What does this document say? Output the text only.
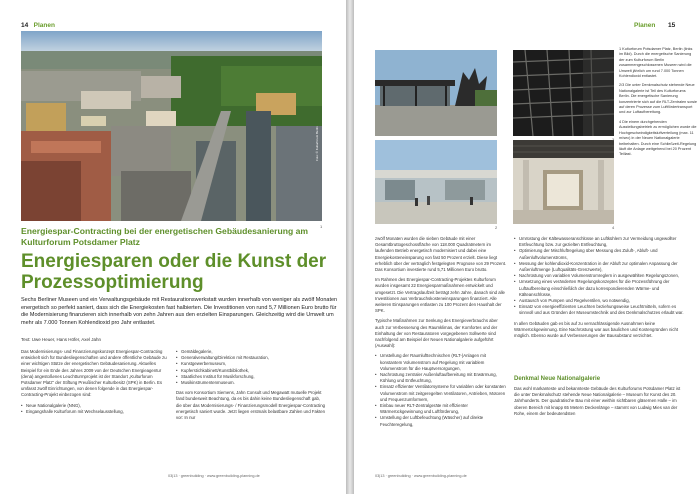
14 Planen
Foto: © Kulturforum Berlin
1
Energiespar-Contracting bei der energetischen Gebäudesanierung am Kulturforum Potsdamer Platz
Energiesparen oder die Kunst der Prozessoptimierung
Sechs Berliner Museen und ein Verwaltungsgebäude mit Restaurationswerkstatt wurden innerhalb von weniger als zwölf Monaten energetisch so perfekt saniert, dass sich die Energiekosten fast halbierten. Die Investitionen von rund 5,7 Millionen Euro brutto für die Modernisierung finanzieren sich innerhalb von zehn Jahren aus den erzielten Einsparungen. Gleichzeitig wird die Umwelt um mehr als 7.000 Tonnen Kohlendioxid pro Jahr entlastet.
Text: Uwe Heuer, Hans Höfer, Axel Jahn

Das Modernisierungs- und Finanzierungskonzept Energiespar-Contracting entwickelt sich für Bundesliegenschaften und andere öffentliche Gebäude zu einer wichtigen Stütze der energetischen Gebäudesanierung. Aktuelles Beispiel für ein Ende des Jahres 2009 von der Deutschen Energieagentur (dena) angestoßenes Leuchtturmprojekt ist der Standort „Kulturforum Potsdamer Platz" der Stiftung Preußischer Kulturbesitz (SPK) in Berlin. Es umfasst zwölf Einrichtungen, von denen folgende in das Energiespar-Contracting-Projekt einbezogen sind:

• Neue Nationalgalerie (NNG),
• Eingangshalle Kulturforum mit Wechselausstellung,
• Gemäldegalerie,
• Generalverwaltung/Direktion mit Restauration,
• Kunstgewerbemuseum,
• Kupferstichkabinett/Kunstbibliothek,
• Staatliches Institut für Musikforschung,
• Musikinstrumentenmuseum.

Das vom Konsortium Siemens, Jahn Consult und Megawatt mutuelle Projekt fand bundesweit Beachtung, da es bis dahin keine Bundesliegenschaft gab, die über das Modernisierungs- / Finanzierungsmodell Energiespar-Contracting energetisch saniert wurde. Jetzt liegen erstmals belastbare Zahlen und Fakten vor: In nur

03|13 · greenbuilding · www.greenbuilding-planning.de
Planen 15
2
3
4

1 Kulturforum Potsdamer Platz, Berlin (links im Bild). Durch die energetische Sanierung der zum Kulturforum Berlin zusammengeschlossenen Museen wird die Umwelt jährlich um rund 7.000 Tonnen Kohlendioxid entlastet.

2/3 Die unter Denkmalschutz stehende Neue Nationalgalerie ist Teil des Kulturforums Berlin. Die energetische Sanierung konzentrierte sich auf die RLT-Zentralen sowie auf deren Prozesse zum Luftfördertransport und zur Luftaufbereitung.

4 Die einem durchgehenden Ausstellungsbetrieb zu ermöglichen wurde die Hochgeschwindigkeitsluftverteilung (max. 11 m/sec) in der Neuen Nationalgalerie beibehalten. Durch eine Schließzeit-Regelung läuft die Anlage weitgehend bei 20 Prozent Teillast.

zwölf Monaten wurden die sieben Gebäude mit einer Gesamtbruttogeschossfläche von 118.000 Quadratmetern im laufenden Betrieb energetisch modernisiert und dabei eine Energiekosteneinsparung von fast 50 Prozent erzielt. Diese liegt erheblich über der vertraglich festgelegten Prognose von 29 Prozent. Das Konsortium investierte rund 5,71 Millionen Euro brutto.

Im Rahmen des Energiespar-Contracting-Projektes Kulturforum wurden insgesamt 22 Energiesparmaßnahmen entwickelt und umgesetzt. Die Vertragslaufzeit beträgt zehn Jahre, danach sind alle Investitionen aus Verbrauchskosteneinsparungen finanziert. Alle weiteren Einsparungen entlasten zu 100 Prozent den Haushalt der SPK.

Typische Maßnahmen zur Senkung des Energieverbrauchs aber auch zur Verbesserung des Raumklimas, der Komfortes und der Einhaltung der von Restauratoren vorgegebenen Sollwerte sind nachfolgend am Beispiel der Neuen Nationalgalerie aufgeführt (Auswahl):

• Umstellung der Raumlufttechnischen (RLT-)Anlagen mit konstantem Volumenstrom auf Regelung mit variablem Volumenstrom für die Hauptversorgungen,
• Nachrüstung zentraler Außenluftaufbereitung mit Erwärmung, Kühlung und Entfeuchtung,
• Einsatz effizienter Ventilatorsysteme für variablen oder konstanten Volumenstrom mit zeitgeregelten Ventilatoren, Antrieben, Motoren und Frequenzumformern,
• Einbau neuer RLT-Zentralgeräte mit effizienter Wärmerückgewinnung und Luftförderung,
• Umstellung der Luftbefeuchtung (Wäscher) auf direkte Feuchteregelung,
• Umrüstung der Kältewasseranschlüsse an Luftkühlern zur Vermeidung ungewollter Entfeuchtung bzw. zur gezielten Entfeuchtung,
• Optimierung der Mischluftregelung über Messung des Zuluft-, Abluft- und Außenluftvolumenstroms,
• Messung der kohlendioxid-Konzentration in der Abluft zur optimalen Anpassung der Außenluftmenge (Luftqualitäts-Grenzwerte),
• Nachrüstung von variablen Volumenstromreglern in ausgewählten Regelungszonen,
• Umsetzung eines veränderten Regelungskonzeptes für die Prozessführung der Luftaufbereitung einschließlich der dazu korrespondierenden Wärme- und Kälteanschlüsse,
• Austausch von Pumpen und Regelventilen, wo notwendig,
• Einsatz von energieeffizienten Leuchten beziehungsweise Leuchtmitteln, sofern es sinnvoll und aus Gründen der Museumstechnik und des Denkmalschutzes erlaubt war.

In allen Gebäuden gab es bis auf zu vernachlässigende Ausnahmen keine Wärmerückgewinnung. Eine Nachrüstung war aus baulichen und Kostengründen nicht möglich. Ebenso wurde auf Verbesserungen der Bausubstanz verzichtet.

Denkmal Neue Nationalgalerie

Das wohl markanteste und bekannteste Gebäude des Kulturforums Potsdamer Platz ist die unter Denkmalschutz stehende Neue Nationalgalerie – Museum für Kunst des 20. Jahrhunderts. Der quadratische Bau mit einer weithin sichtbaren gläsernen Halle – im oberen Bereich mit knapp 65 Metern Deckenlänge – stammt von Ludwig Mies van der Rohe, einem der bedeutendsten

03|13 · greenbuilding · www.greenbuilding-planning.de
